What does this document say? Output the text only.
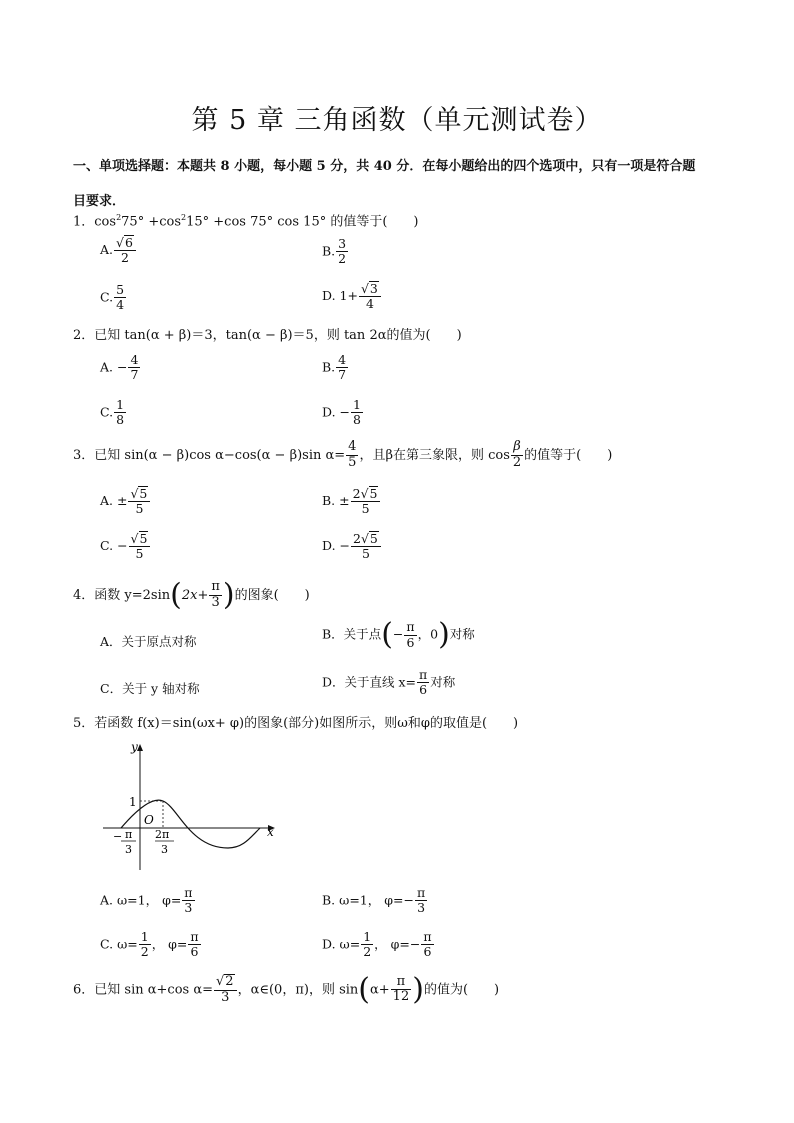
第 5 章 三角函数（单元测试卷）
一、单项选择题：本题共 8 小题，每小题 5 分，共 40 分．在每小题给出的四个选项中，只有一项是符合题
目要求．
1．$\cos^275^\circ +\cos^215^\circ +\cos$ 75° cos 15° 的值等于(　　)
A. $\frac{√6}{2}$	B. $\frac{3}{2}$
C. $\frac{5}{4}$	D. $1+ \frac{√3}{4}$
2．已知 tan(α + β)＝3，tan(α − β)＝5，则 tan 2α的值为(　　)
A. − $\frac{4}{7}$	B. $\frac{4}{7}$
C. $\frac{1}{8}$	D. − $\frac{1}{8}$
3．已知 sin(α − β)cos α−cos(α − β)sin $\alpha= \frac{4}{5}$ ，且β在第三象限，则 $\cos \frac{\beta}{2}$ 的值等于(　　)
A. ± $\frac{√5}{5}$	B. ± $\frac{2√5}{5}$
C. − $\frac{√5}{5}$	D. − $\frac{2√5}{5}$
4．函数 $y=2\sin(2x+ \frac{\pi}{3}$ )的图象(　　)
A．关于原点对称	B．关于点(− $\frac{\pi}{6}$ ，0)对称
C．关于 y 轴对称	D．关于直线 $x= \frac{\pi}{6}$ 对称
5．若函数 f(x)＝sin(ωx+ φ)的图象(部分)如图所示，则ω和φ的取值是(　　)
y
x
1
O
− π
3
2π
3
A. ω=1， $\varphi= \frac{\pi}{3}$	B. ω=1， $\varphi=- \frac{\pi}{3}$
C. $\omega= \frac{1}{2}$ ， $\varphi= \frac{\pi}{6}$	D. $\omega= \frac{1}{2}$ ， $\varphi=- \frac{\pi}{6}$
6．已知 sin α+cos $\alpha= \frac{√2}{3}$ ，α∈(0，π)，则 $\sin(\alpha+ \frac{\pi}{12}$ )的值为(　　)
